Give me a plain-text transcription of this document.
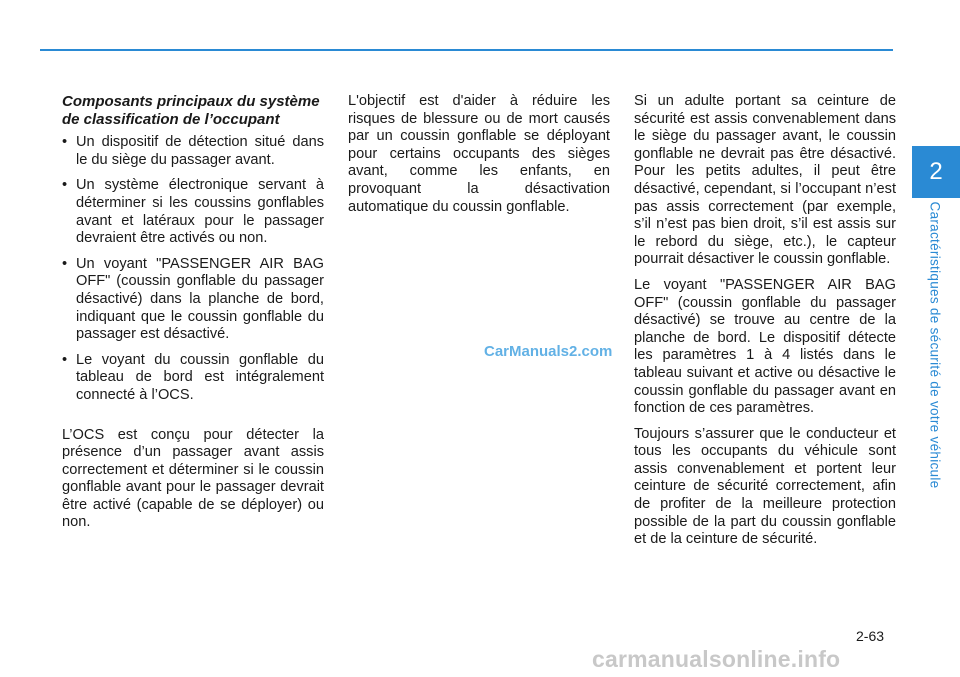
Composants principaux du système de classification de l’occupant
• Un dispositif de détection situé dans le du siège du passager avant.
• Un système électronique servant à déterminer si les coussins gonflables avant et latéraux pour le passager devraient être activés ou non.
• Un voyant "PASSENGER AIR BAG OFF" (coussin gonflable du passager désactivé) dans la planche de bord, indiquant que le coussin gonflable du passager est désactivé.
• Le voyant du coussin gonflable du tableau de bord est intégralement connecté à l’OCS.

L’OCS est conçu pour détecter la présence d’un passager avant assis correctement et déterminer si le coussin gonflable avant pour le passager devrait être activé (capable de se déployer) ou non.

L'objectif est d'aider à réduire les risques de blessure ou de mort causés par un coussin gonflable se déployant pour certains occupants des sièges avant, comme les enfants, en provoquant la désactivation automatique du coussin gonflable.

Si un adulte portant sa ceinture de sécurité est assis convenablement dans le siège du passager avant, le coussin gonflable ne devrait pas être désactivé. Pour les petits adultes, il peut être désactivé, cependant, si l’occupant n’est pas assis correctement (par exemple, s’il n’est pas bien droit, s’il est assis sur le rebord du siège, etc.), le capteur pourrait désactiver le coussin gonflable.

Le voyant "PASSENGER AIR BAG OFF" (coussin gonflable du passager désactivé) se trouve au centre de la planche de bord. Le dispositif détecte les paramètres 1 à 4 listés dans le tableau suivant et active ou désactive le coussin gonflable du passager avant en fonction de ces paramètres.

Toujours s’assurer que le conducteur et tous les occupants du véhicule sont assis convenablement et portent leur ceinture de sécurité correctement, afin de profiter de la meilleure protection possible de la part du coussin gonflable et de la ceinture de sécurité.

2
Caractéristiques de sécurité de votre véhicule
2-63
CarManuals2.com
carmanualsonline.info
